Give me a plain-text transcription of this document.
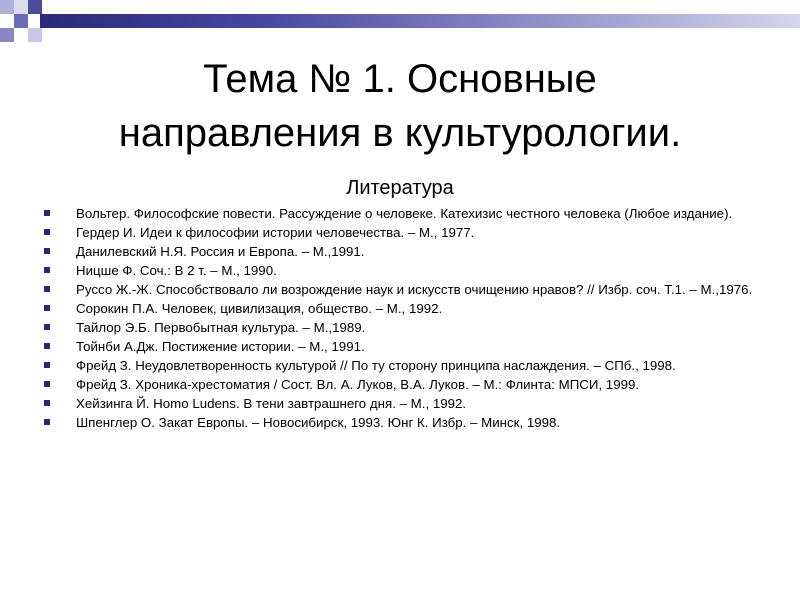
Тема № 1. Основные
направления в культурологии.
Литература
Вольтер. Философские повести. Рассуждение о человеке. Катехизис честного человека (Любое издание).
Гердер И. Идеи к философии истории человечества. – М., 1977.
Данилевский Н.Я. Россия и Европа. – М.,1991.
Ницше Ф. Соч.: В 2 т. – М., 1990.
Руссо Ж.-Ж. Способствовало ли возрождение наук и искусств очищению нравов? // Избр. соч. Т.1. – М.,1976.
Сорокин П.А. Человек, цивилизация, общество. – М., 1992.
Тайлор Э.Б. Первобытная культура. – М.,1989.
Тойнби А.Дж. Постижение истории. – М., 1991.
Фрейд З. Неудовлетворенность культурой // По ту сторону принципа наслаждения. – СПб., 1998.
Фрейд З. Хроника-хрестоматия / Сост. Вл. А. Луков, В.А. Луков. – М.: Флинта: МПСИ, 1999.
Хейзинга Й. Homo Ludens. В тени завтрашнего дня. – М., 1992.
Шпенглер О. Закат Европы. – Новосибирск, 1993. Юнг К. Избр. – Минск, 1998.
